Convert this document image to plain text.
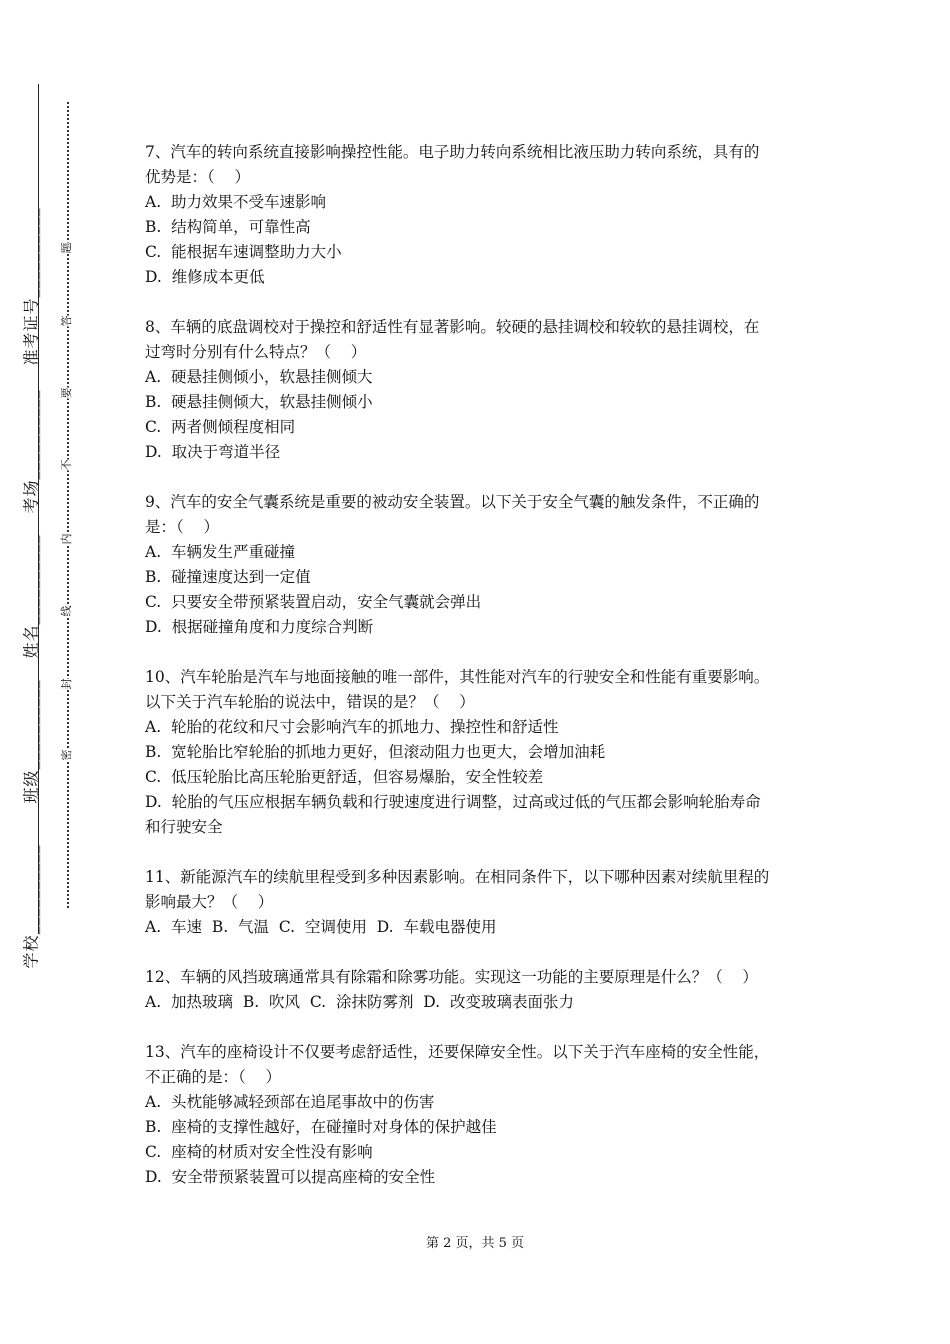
学校__________
班级__________
姓名__________
考场__________
准考证号__________
密
封
线
内
不
要
答
题
7、汽车的转向系统直接影响操控性能。电子助力转向系统相比液压助力转向系统，具有的
优势是：（    ）
A.  助力效果不受车速影响
B.  结构简单，可靠性高
C.  能根据车速调整助力大小
D.  维修成本更低
8、车辆的底盘调校对于操控和舒适性有显著影响。较硬的悬挂调校和较软的悬挂调校，在
过弯时分别有什么特点？（    ）
A.  硬悬挂侧倾小，软悬挂侧倾大
B.  硬悬挂侧倾大，软悬挂侧倾小
C.  两者侧倾程度相同
D.  取决于弯道半径
9、汽车的安全气囊系统是重要的被动安全装置。以下关于安全气囊的触发条件，不正确的
是：（    ）
A.  车辆发生严重碰撞
B.  碰撞速度达到一定值
C.  只要安全带预紧装置启动，安全气囊就会弹出
D.  根据碰撞角度和力度综合判断
10、汽车轮胎是汽车与地面接触的唯一部件，其性能对汽车的行驶安全和性能有重要影响。
以下关于汽车轮胎的说法中，错误的是？（    ）
A.  轮胎的花纹和尺寸会影响汽车的抓地力、操控性和舒适性
B.  宽轮胎比窄轮胎的抓地力更好，但滚动阻力也更大，会增加油耗
C.  低压轮胎比高压轮胎更舒适，但容易爆胎，安全性较差
D.  轮胎的气压应根据车辆负载和行驶速度进行调整，过高或过低的气压都会影响轮胎寿命
和行驶安全
11、新能源汽车的续航里程受到多种因素影响。在相同条件下，以下哪种因素对续航里程的
影响最大？（    ）
A.  车速  B.  气温  C.  空调使用  D.  车载电器使用
12、车辆的风挡玻璃通常具有除霜和除雾功能。实现这一功能的主要原理是什么？（    ）
A.  加热玻璃  B.  吹风  C.  涂抹防雾剂  D.  改变玻璃表面张力
13、汽车的座椅设计不仅要考虑舒适性，还要保障安全性。以下关于汽车座椅的安全性能，
不正确的是：（    ）
A.  头枕能够减轻颈部在追尾事故中的伤害
B.  座椅的支撑性越好，在碰撞时对身体的保护越佳
C.  座椅的材质对安全性没有影响
D.  安全带预紧装置可以提高座椅的安全性
第 2 页，共 5 页
